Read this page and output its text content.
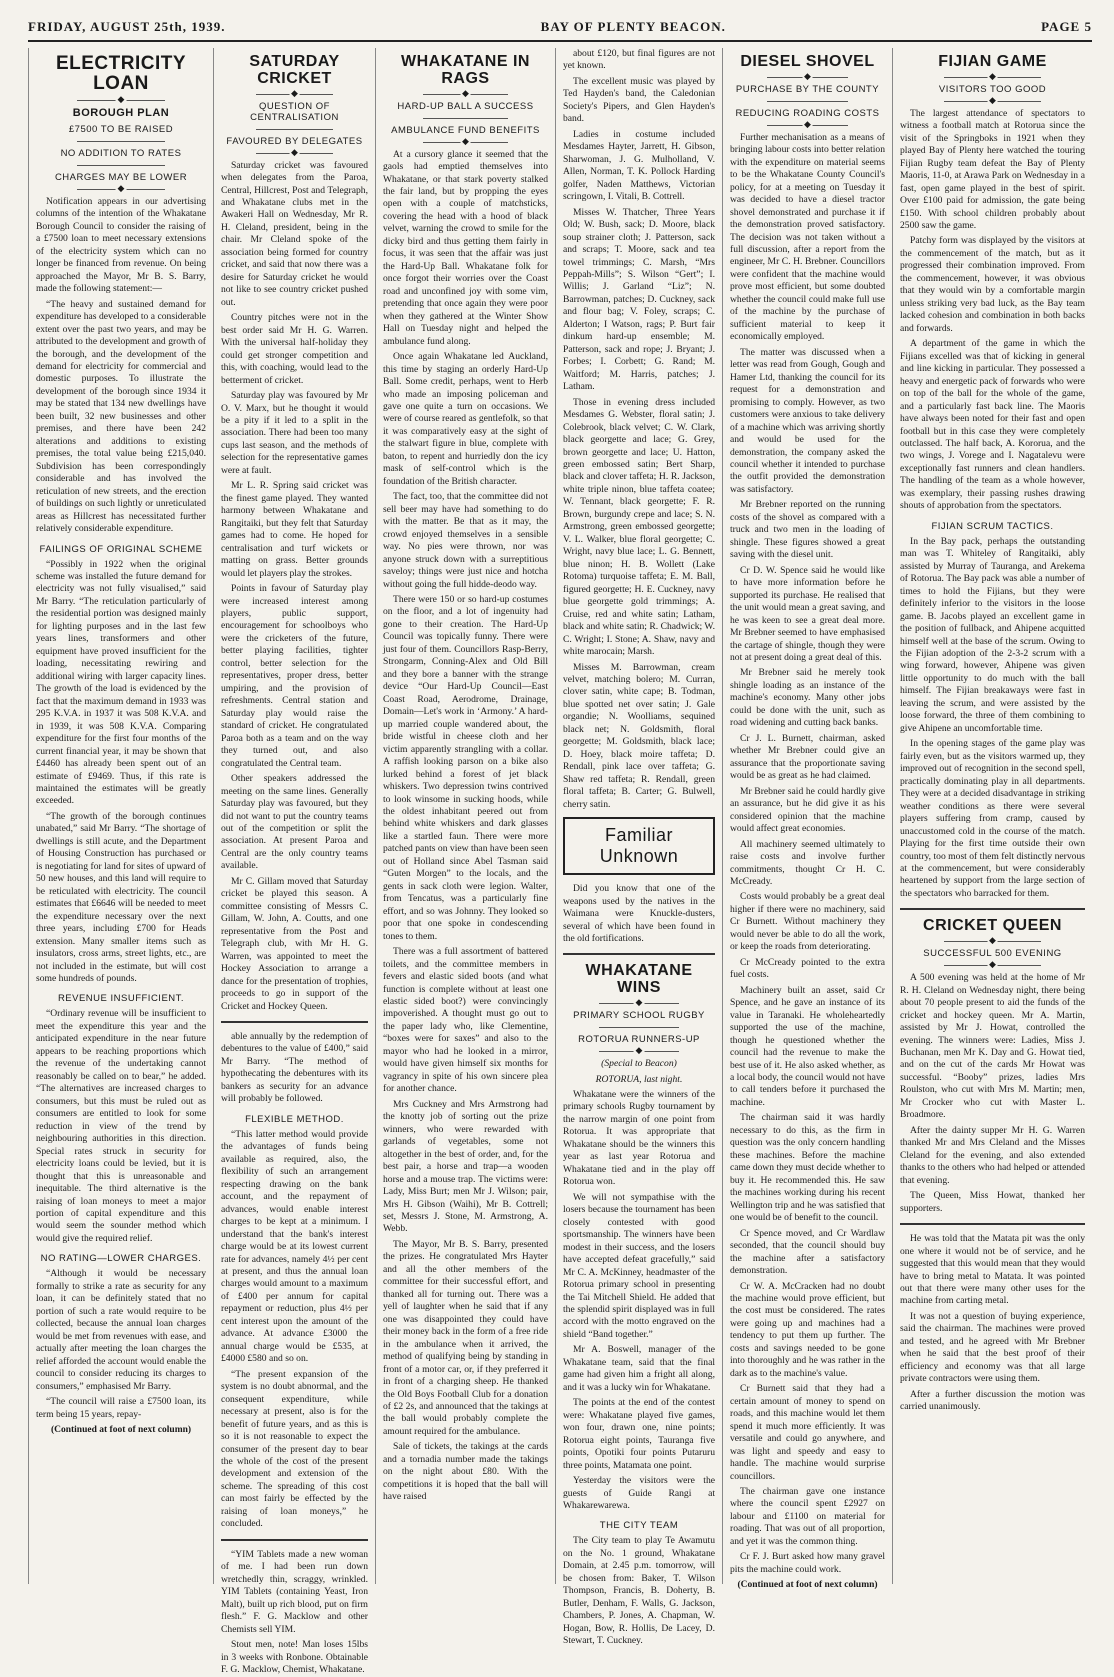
FRIDAY, AUGUST 25th, 1939.	BAY OF PLENTY BEACON.	PAGE 5
ELECTRICITY LOAN
◆
BOROUGH PLAN
£7500 TO BE RAISED
NO ADDITION TO RATES
CHARGES MAY BE LOWER
◆

Notification appears in our advertising columns of the intention of the Whakatane Borough Council to consider the raising of a £7500 loan to meet necessary extensions of the electricity system which can no longer be financed from revenue. On being approached the Mayor, Mr B. S. Barry, made the following statement:—

“The heavy and sustained demand for expenditure has developed to a considerable extent over the past two years, and may be attributed to the development and growth of the borough, and the development of the demand for electricity for commercial and domestic purposes. To illustrate the development of the borough since 1934 it may be stated that 134 new dwellings have been built, 32 new businesses and other premises, and there have been 242 alterations and additions to existing premises, the total value being £215,040. Subdivision has been correspondingly considerable and has involved the reticulation of new streets, and the erection of buildings on such lightly or unreticulated areas as Hillcrest has necessitated further relatively considerable expenditure.

FAILINGS OF ORIGINAL SCHEME

“Possibly in 1922 when the original scheme was installed the future demand for electricity was not fully visualised,” said Mr Barry. “The reticulation particularly of the residential portion was designed mainly for lighting purposes and in the last few years lines, transformers and other equipment have proved insufficient for the loading, necessitating rewiring and additional wiring with larger capacity lines. The growth of the load is evidenced by the fact that the maximum demand in 1933 was 295 K.V.A. in 1937 it was 508 K.V.A. and in 1939, it was 508 K.V.A. Comparing expenditure for the first four months of the current financial year, it may be shown that £4460 has already been spent out of an estimate of £9469. Thus, if this rate is maintained the estimates will be greatly exceeded.

“The growth of the borough continues unabated,” said Mr Barry. “The shortage of dwellings is still acute, and the Department of Housing Construction has purchased or is negotiating for land for sites of upward of 50 new houses, and this land will require to be reticulated with electricity. The council estimates that £6646 will be needed to meet the expenditure necessary over the next three years, including £700 for Heads extension. Many smaller items such as insulators, cross arms, street lights, etc., are not included in the estimate, but will cost some hundreds of pounds.

REVENUE INSUFFICIENT.

“Ordinary revenue will be insufficient to meet the expenditure this year and the anticipated expenditure in the near future appears to be reaching proportions which the revenue of the undertaking cannot reasonably be called on to bear,” he added. “The alternatives are increased charges to consumers, but this must be ruled out as consumers are entitled to look for some reduction in view of the trend by neighbouring authorities in this direction. Special rates struck in security for electricity loans could be levied, but it is thought that this is unreasonable and inequitable. The third alternative is the raising of loan moneys to meet a major portion of capital expenditure and this would seem the sounder method which would give the required relief.

NO RATING—LOWER CHARGES.

“Although it would be necessary formally to strike a rate as security for any loan, it can be definitely stated that no portion of such a rate would require to be collected, because the annual loan charges would be met from revenues with ease, and actually after meeting the loan charges the relief afforded the account would enable the council to consider reducing its charges to consumers,” emphasised Mr Barry.

“The council will raise a £7500 loan, its term being 15 years, repay-

(Continued at foot of next column)
SATURDAY CRICKET
◆
QUESTION OF CENTRALISATION
FAVOURED BY DELEGATES
◆

Saturday cricket was favoured when delegates from the Paroa, Central, Hillcrest, Post and Telegraph, and Whakatane clubs met in the Awakeri Hall on Wednesday, Mr R. H. Cleland, president, being in the chair. Mr Cleland spoke of the association being formed for country cricket, and said that now there was a desire for Saturday cricket he would not like to see country cricket pushed out.

Country pitches were not in the best order said Mr H. G. Warren. With the universal half-holiday they could get stronger competition and this, with coaching, would lead to the betterment of cricket.

Saturday play was favoured by Mr O. V. Marx, but he thought it would be a pity if it led to a split in the association. There had been too many cups last season, and the methods of selection for the representative games were at fault.

Mr L. R. Spring said cricket was the finest game played. They wanted harmony between Whakatane and Rangitaiki, but they felt that Saturday games had to come. He hoped for centralisation and turf wickets or matting on grass. Better grounds would let players play the strokes.

Points in favour of Saturday play were increased interest among players, public support, encouragement for schoolboys who were the cricketers of the future, better playing facilities, tighter control, better selection for the representatives, proper dress, better umpiring, and the provision of refreshments. Central station and Saturday play would raise the standard of cricket. He congratulated Paroa both as a team and on the way they turned out, and also congratulated the Central team.

Other speakers addressed the meeting on the same lines. Generally Saturday play was favoured, but they did not want to put the country teams out of the competition or split the association. At present Paroa and Central are the only country teams available.

Mr C. Gillam moved that Saturday cricket be played this season. A committee consisting of Messrs C. Gillam, W. John, A. Coutts, and one representative from the Post and Telegraph club, with Mr H. G. Warren, was appointed to meet the Hockey Association to arrange a dance for the presentation of trophies, proceeds to go in support of the Cricket and Hockey Queen.

able annually by the redemption of debentures to the value of £400,” said Mr Barry. “The method of hypothecating the debentures with its bankers as security for an advance will probably be followed.

FLEXIBLE METHOD.

“This latter method would provide the advantages of funds being available as required, also, the flexibility of such an arrangement respecting drawing on the bank account, and the repayment of advances, would enable interest charges to be kept at a minimum. I understand that the bank's interest charge would be at its lowest current rate for advances, namely 4½ per cent at present, and thus the annual loan charges would amount to a maximum of £400 per annum for capital repayment or reduction, plus 4½ per cent interest upon the amount of the advance. At advance £3000 the annual charge would be £535, at £4000 £580 and so on.

“The present expansion of the system is no doubt abnormal, and the consequent expenditure, while necessary at present, also is for the benefit of future years, and as this is so it is not reasonable to expect the consumer of the present day to bear the whole of the cost of the present development and extension of the scheme. The spreading of this cost can most fairly be effected by the raising of loan moneys,” he concluded.

“YIM Tablets made a new woman of me. I had been run down wretchedly thin, scraggy, wrinkled. YIM Tablets (containing Yeast, Iron Malt), built up rich blood, put on firm flesh.” F. G. Macklow and other Chemists sell YIM.

Stout men, note! Man loses 15lbs in 3 weeks with Ronbone. Obtainable F. G. Macklow, Chemist, Whakatane.

WHAKATANE IN RAGS
◆
HARD-UP BALL A SUCCESS
AMBULANCE FUND BENEFITS
◆

At a cursory glance it seemed that the gaols had emptied themselves into Whakatane, or that stark poverty stalked the fair land, but by propping the eyes open with a couple of matchsticks, covering the head with a hood of black velvet, warning the crowd to smile for the dicky bird and thus getting them fairly in focus, it was seen that the affair was just the Hard-Up Ball. Whakatane folk for once forgot their worries over the Coast road and unconfined joy with some vim, pretending that once again they were poor when they gathered at the Winter Show Hall on Tuesday night and helped the ambulance fund along.

Once again Whakatane led Auckland, this time by staging an orderly Hard-Up Ball. Some credit, perhaps, went to Herb who made an imposing policeman and gave one quite a turn on occasions. We were of course reared as gentlefolk, so that it was comparatively easy at the sight of the stalwart figure in blue, complete with baton, to repent and hurriedly don the icy mask of self-control which is the foundation of the British character.

The fact, too, that the committee did not sell beer may have had something to do with the matter. Be that as it may, the crowd enjoyed themselves in a sensible way. No pies were thrown, nor was anyone struck down with a surreptitious saveloy; things were just nice and hotcha without going the full hidde-deodo way.

There were 150 or so hard-up costumes on the floor, and a lot of ingenuity had gone to their creation. The Hard-Up Council was topically funny. There were just four of them. Councillors Rasp-Berry, Strongarm, Conning-Alex and Old Bill and they bore a banner with the strange device “Our Hard-Up Council—East Coast Road, Aerodrome, Drainage, Domain—Let's work in ‘Armony.’ A hard-up married couple wandered about, the bride wistful in cheese cloth and her victim apparently strangling with a collar. A raffish looking parson on a bike also lurked behind a forest of jet black whiskers. Two depression twins contrived to look winsome in sucking hoods, while the oldest inhabitant peered out from behind white whiskers and dark glasses like a startled faun. There were more patched pants on view than have been seen out of Holland since Abel Tasman said “Guten Morgen” to the locals, and the gents in sack cloth were legion. Walter, from Tencatus, was a particularly fine effort, and so was Johnny. They looked so poor that one spoke in condescending tones to them.

There was a full assortment of battered toilets, and the committee members in fevers and elastic sided boots (and what function is complete without at least one elastic sided boot?) were convincingly impoverished. A thought must go out to the paper lady who, like Clementine, “boxes were for saxes” and also to the mayor who had he looked in a mirror, would have given himself six months for vagrancy in spite of his own sincere plea for another chance.

Mrs Cuckney and Mrs Armstrong had the knotty job of sorting out the prize winners, who were rewarded with garlands of vegetables, some not altogether in the best of order, and, for the best pair, a horse and trap—a wooden horse and a mouse trap. The victims were: Lady, Miss Burt; men Mr J. Wilson; pair, Mrs H. Gibson (Waihi), Mr B. Cottrell; set, Messrs J. Stone, M. Armstrong, A. Webb.

The Mayor, Mr B. S. Barry, presented the prizes. He congratulated Mrs Hayter and all the other members of the committee for their successful effort, and thanked all for turning out. There was a yell of laughter when he said that if any one was disappointed they could have their money back in the form of a free ride in the ambulance when it arrived, the method of qualifying being by standing in front of a motor car, or, if they preferred it in front of a charging sheep. He thanked the Old Boys Football Club for a donation of £2 2s, and announced that the takings at the ball would probably complete the amount required for the ambulance.

Sale of tickets, the takings at the cards and a tornadia number made the takings on the night about £80. With the competitions it is hoped that the ball will have raised

about £120, but final figures are not yet known.

The excellent music was played by Ted Hayden's band, the Caledonian Society's Pipers, and Glen Hayden's band.

Ladies in costume included Mesdames Hayter, Jarrett, H. Gibson, Sharwoman, J. G. Mulholland, V. Allen, Norman, T. K. Pollock Harding golfer, Naden Matthews, Victorian scringown, I. Vitali, B. Cottrell.

Misses W. Thatcher, Three Years Old; W. Bush, sack; D. Moore, black soup strainer cloth; J. Patterson, sack and scraps; T. Moore, sack and tea towel trimmings; C. Marsh, “Mrs Peppah-Mills”; S. Wilson “Gert”; I. Willis; J. Garland “Liz”; N. Barrowman, patches; D. Cuckney, sack and flour bag; V. Foley, scraps; C. Alderton; I Watson, rags; P. Burt fair dinkum hard-up ensemble; M. Patterson, sack and rope; J. Bryant; J. Forbes; I. Corbett; G. Rand; M. Waitford; M. Harris, patches; J. Latham.

Those in evening dress included Mesdames G. Webster, floral satin; J. Colebrook, black velvet; C. W. Clark, black georgette and lace; G. Grey, brown georgette and lace; U. Hatton, green embossed satin; Bert Sharp, black and clover taffeta; H. R. Jackson, white triple ninon, blue taffeta coatee; W. Tennant, black georgette; F. R. Brown, burgundy crepe and lace; S. N. Armstrong, green embossed georgette; V. L. Walker, blue floral georgette; C. Wright, navy blue lace; L. G. Bennett, blue ninon; H. B. Wollett (Lake Rotoma) turquoise taffeta; E. M. Ball, figured georgette; H. E. Cuckney, navy blue georgette gold trimmings; A. Cruise, red and white satin; Latham, black and white satin; R. Chadwick; W. C. Wright; I. Stone; A. Shaw, navy and white marocain; Marsh.

Misses M. Barrowman, cream velvet, matching bolero; M. Curran, clover satin, white cape; B. Todman, blue spotted net over satin; J. Gale organdie; N. Woolliams, sequined black net; N. Goldsmith, floral georgette; M. Goldsmith, black lace; D. Hoey, black moire taffeta; D. Rendall, pink lace over taffeta; G. Shaw red taffeta; R. Rendall, green floral taffeta; B. Carter; G. Bulwell, cherry satin.

Familiar Unknown

Did you know that one of the weapons used by the natives in the Waimana were Knuckle-dusters, several of which have been found in the old fortifications.

WHAKATANE WINS
◆
PRIMARY SCHOOL RUGBY
ROTORUA RUNNERS-UP
◆

(Special to Beacon)

ROTORUA, last night.

Whakatane were the winners of the primary schools Rugby tournament by the narrow margin of one point from Rotorua. It was appropriate that Whakatane should be the winners this year as last year Rotorua and Whakatane tied and in the play off Rotorua won.

We will not sympathise with the losers because the tournament has been closely contested with good sportsmanship. The winners have been modest in their success, and the losers have accepted defeat gracefully,” said Mr C. A. McKinney, headmaster of the Rotorua primary school in presenting the Tai Mitchell Shield. He added that the splendid spirit displayed was in full accord with the motto engraved on the shield “Band together.”

Mr A. Boswell, manager of the Whakatane team, said that the final game had given him a fright all along, and it was a lucky win for Whakatane.

The points at the end of the contest were: Whakatane played five games, won four, drawn one, nine points; Rotorua eight points, Tauranga five points, Opotiki four points Putaruru three points, Matamata one point.

Yesterday the visitors were the guests of Guide Rangi at Whakarewarewa.

THE CITY TEAM

The City team to play Te Awamutu on the No. 1 ground, Whakatane Domain, at 2.45 p.m. tomorrow, will be chosen from: Baker, T. Wilson Thompson, Francis, B. Doherty, B. Butler, Denham, F. Walls, G. Jackson, Chambers, P. Jones, A. Chapman, W. Hogan, Bow, R. Hollis, De Lacey, D. Stewart, T. Cuckney.

DIESEL SHOVEL
◆
PURCHASE BY THE COUNTY
REDUCING ROADING COSTS
◆

Further mechanisation as a means of bringing labour costs into better relation with the expenditure on material seems to be the Whakatane County Council's policy, for at a meeting on Tuesday it was decided to have a diesel tractor shovel demonstrated and purchase it if the demonstration proved satisfactory. The decision was not taken without a full discussion, after a report from the engineer, Mr C. H. Brebner. Councillors were confident that the machine would prove most efficient, but some doubted whether the council could make full use of the machine by the purchase of sufficient material to keep it economically employed.

The matter was discussed when a letter was read from Gough, Gough and Hamer Ltd, thanking the council for its request for a demonstration and promising to comply. However, as two customers were anxious to take delivery of a machine which was arriving shortly and would be used for the demonstration, the company asked the council whether it intended to purchase the outfit provided the demonstration was satisfactory.

Mr Brebner reported on the running costs of the shovel as compared with a truck and two men in the loading of shingle. These figures showed a great saving with the diesel unit.

Cr D. W. Spence said he would like to have more information before he supported its purchase. He realised that the unit would mean a great saving, and he was keen to see a great deal more. Mr Brebner seemed to have emphasised the cartage of shingle, though they were not at present doing a great deal of this.

Mr Brebner said he merely took shingle loading as an instance of the machine's economy. Many other jobs could be done with the unit, such as road widening and cutting back banks.

Cr J. L. Burnett, chairman, asked whether Mr Brebner could give an assurance that the proportionate saving would be as great as he had claimed.

Mr Brebner said he could hardly give an assurance, but he did give it as his considered opinion that the machine would affect great economies.

All machinery seemed ultimately to raise costs and involve further commitments, thought Cr H. C. McCready.

Costs would probably be a great deal higher if there were no machinery, said Cr Burnett. Without machinery they would never be able to do all the work, or keep the roads from deteriorating.

Cr McCready pointed to the extra fuel costs.

Machinery built an asset, said Cr Spence, and he gave an instance of its value in Taranaki. He wholeheartedly supported the use of the machine, though he questioned whether the council had the revenue to make the best use of it. He also asked whether, as a local body, the council would not have to call tenders before it purchased the machine.

The chairman said it was hardly necessary to do this, as the firm in question was the only concern handling these machines. Before the machine came down they must decide whether to buy it. He recommended this. He saw the machines working during his recent Wellington trip and he was satisfied that one would be of benefit to the council.

Cr Spence moved, and Cr Wardlaw seconded, that the council should buy the machine after a satisfactory demonstration.

Cr W. A. McCracken had no doubt the machine would prove efficient, but the cost must be considered. The rates were going up and machines had a tendency to put them up further. The costs and savings needed to be gone into thoroughly and he was rather in the dark as to the machine's value.

Cr Burnett said that they had a certain amount of money to spend on roads, and this machine would let them spend it much more efficiently. It was versatile and could go anywhere, and was light and speedy and easy to handle. The machine would surprise councillors.

The chairman gave one instance where the council spent £2927 on labour and £1100 on material for roading. That was out of all proportion, and yet it was the common thing.

Cr F. J. Burt asked how many gravel pits the machine could work.

(Continued at foot of next column)
FIJIAN GAME
◆
VISITORS TOO GOOD
◆

The largest attendance of spectators to witness a football match at Rotorua since the visit of the Springboks in 1921 when they played Bay of Plenty here watched the touring Fijian Rugby team defeat the Bay of Plenty Maoris, 11-0, at Arawa Park on Wednesday in a fast, open game played in the best of spirit. Over £100 paid for admission, the gate being £150. With school children probably about 2500 saw the game.

Patchy form was displayed by the visitors at the commencement of the match, but as it progressed their combination improved. From the commencement, however, it was obvious that they would win by a comfortable margin unless striking very bad luck, as the Bay team lacked cohesion and combination in both backs and forwards.

A department of the game in which the Fijians excelled was that of kicking in general and line kicking in particular. They possessed a heavy and energetic pack of forwards who were on top of the ball for the whole of the game, and a particularly fast back line. The Maoris have always been noted for their fast and open football but in this case they were completely outclassed. The half back, A. Kororua, and the two wings, J. Vorege and I. Nagatalevu were exceptionally fast runners and clean handlers. The handling of the team as a whole however, was exemplary, their passing rushes drawing shouts of approbation from the spectators.

FIJIAN SCRUM TACTICS.

In the Bay pack, perhaps the outstanding man was T. Whiteley of Rangitaiki, ably assisted by Murray of Tauranga, and Arekema of Rotorua. The Bay pack was able a number of times to hold the Fijians, but they were definitely inferior to the visitors in the loose game. B. Jacobs played an excellent game in the position of fullback, and Ahipene acquitted himself well at the base of the scrum. Owing to the Fijian adoption of the 2-3-2 scrum with a wing forward, however, Ahipene was given little opportunity to do much with the ball himself. The Fijian breakaways were fast in leaving the scrum, and were assisted by the loose forward, the three of them combining to give Ahipene an uncomfortable time.

In the opening stages of the game play was fairly even, but as the visitors warmed up, they improved out of recognition in the second spell, practically dominating play in all departments. They were at a decided disadvantage in striking weather conditions as there were several players suffering from cramp, caused by unaccustomed cold in the course of the match. Playing for the first time outside their own country, too most of them felt distinctly nervous at the commencement, but were considerably heartened by support from the large section of the spectators who barracked for them.

CRICKET QUEEN
◆
SUCCESSFUL 500 EVENING
◆

A 500 evening was held at the home of Mr R. H. Cleland on Wednesday night, there being about 70 people present to aid the funds of the cricket and hockey queen. Mr A. Martin, assisted by Mr J. Howat, controlled the evening. The winners were: Ladies, Miss J. Buchanan, men Mr K. Day and G. Howat tied, and on the cut of the cards Mr Howat was successful. “Booby” prizes, ladies Mrs Roulston, who cut with Mrs M. Martin; men, Mr Crocker who cut with Master L. Broadmore.

After the dainty supper Mr H. G. Warren thanked Mr and Mrs Cleland and the Misses Cleland for the evening, and also extended thanks to the others who had helped or attended that evening.

The Queen, Miss Howat, thanked her supporters.

He was told that the Matata pit was the only one where it would not be of service, and he suggested that this would mean that they would have to bring metal to Matata. It was pointed out that there were many other uses for the machine from carting metal.

It was not a question of buying experience, said the chairman. The machines were proved and tested, and he agreed with Mr Brebner when he said that the best proof of their efficiency and economy was that all large private contractors were using them.

After a further discussion the motion was carried unanimously.
